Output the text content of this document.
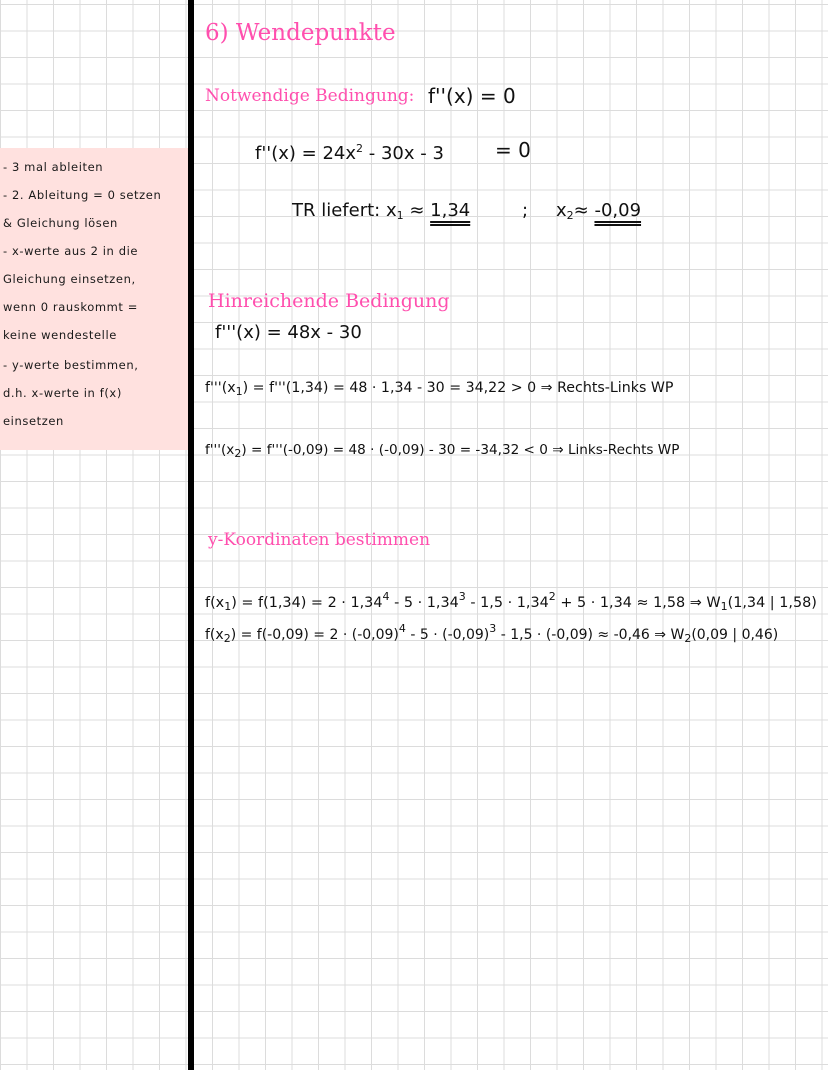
- 3 mal ableiten
- 2. Ableitung = 0 setzen
& Gleichung lösen
- x-werte aus 2 in die
Gleichung einsetzen,
wenn 0 rauskommt =
keine wendestelle
- y-werte bestimmen,
d.h. x-werte in f(x)
einsetzen
6) Wendepunkte
Notwendige Bedingung: f''(x) = 0
$f''(x) = 24x^2 - 30x - 3$	= 0
TR liefert: $x_1 \approx 1,34$	; $x_2\approx -0,09$
Hinreichende Bedingung
f'''(x) = 48x - 30
$f'''(x_1) = f'''(1,34) = 48 \cdot 1,34 - 30 = 34,22 > 0$ ⇒ Rechts-Links WP
$f'''(x_2) = f'''(-0,09) = 48 \cdot (-0,09) - 30 = -34,32 < 0$ ⇒ Links-Rechts WP
y-Koordinaten bestimmen
$f(x_1) = f(1,34) = 2 \cdot 1,34^4 - 5 \cdot 1,34^3 - 1,5 \cdot 1,34^2 + 5 \cdot 1,34 \approx 1,58$ ⇒ $W_1(1,34$ | 1,58)
$f(x_2) = f(-0,09) = 2 \cdot (-0,09)^4 - 5 \cdot (-0,09)^3 - 1,5 \cdot (-0,09) \approx -0,46$ ⇒ $W_2(0,09$ | 0,46)
